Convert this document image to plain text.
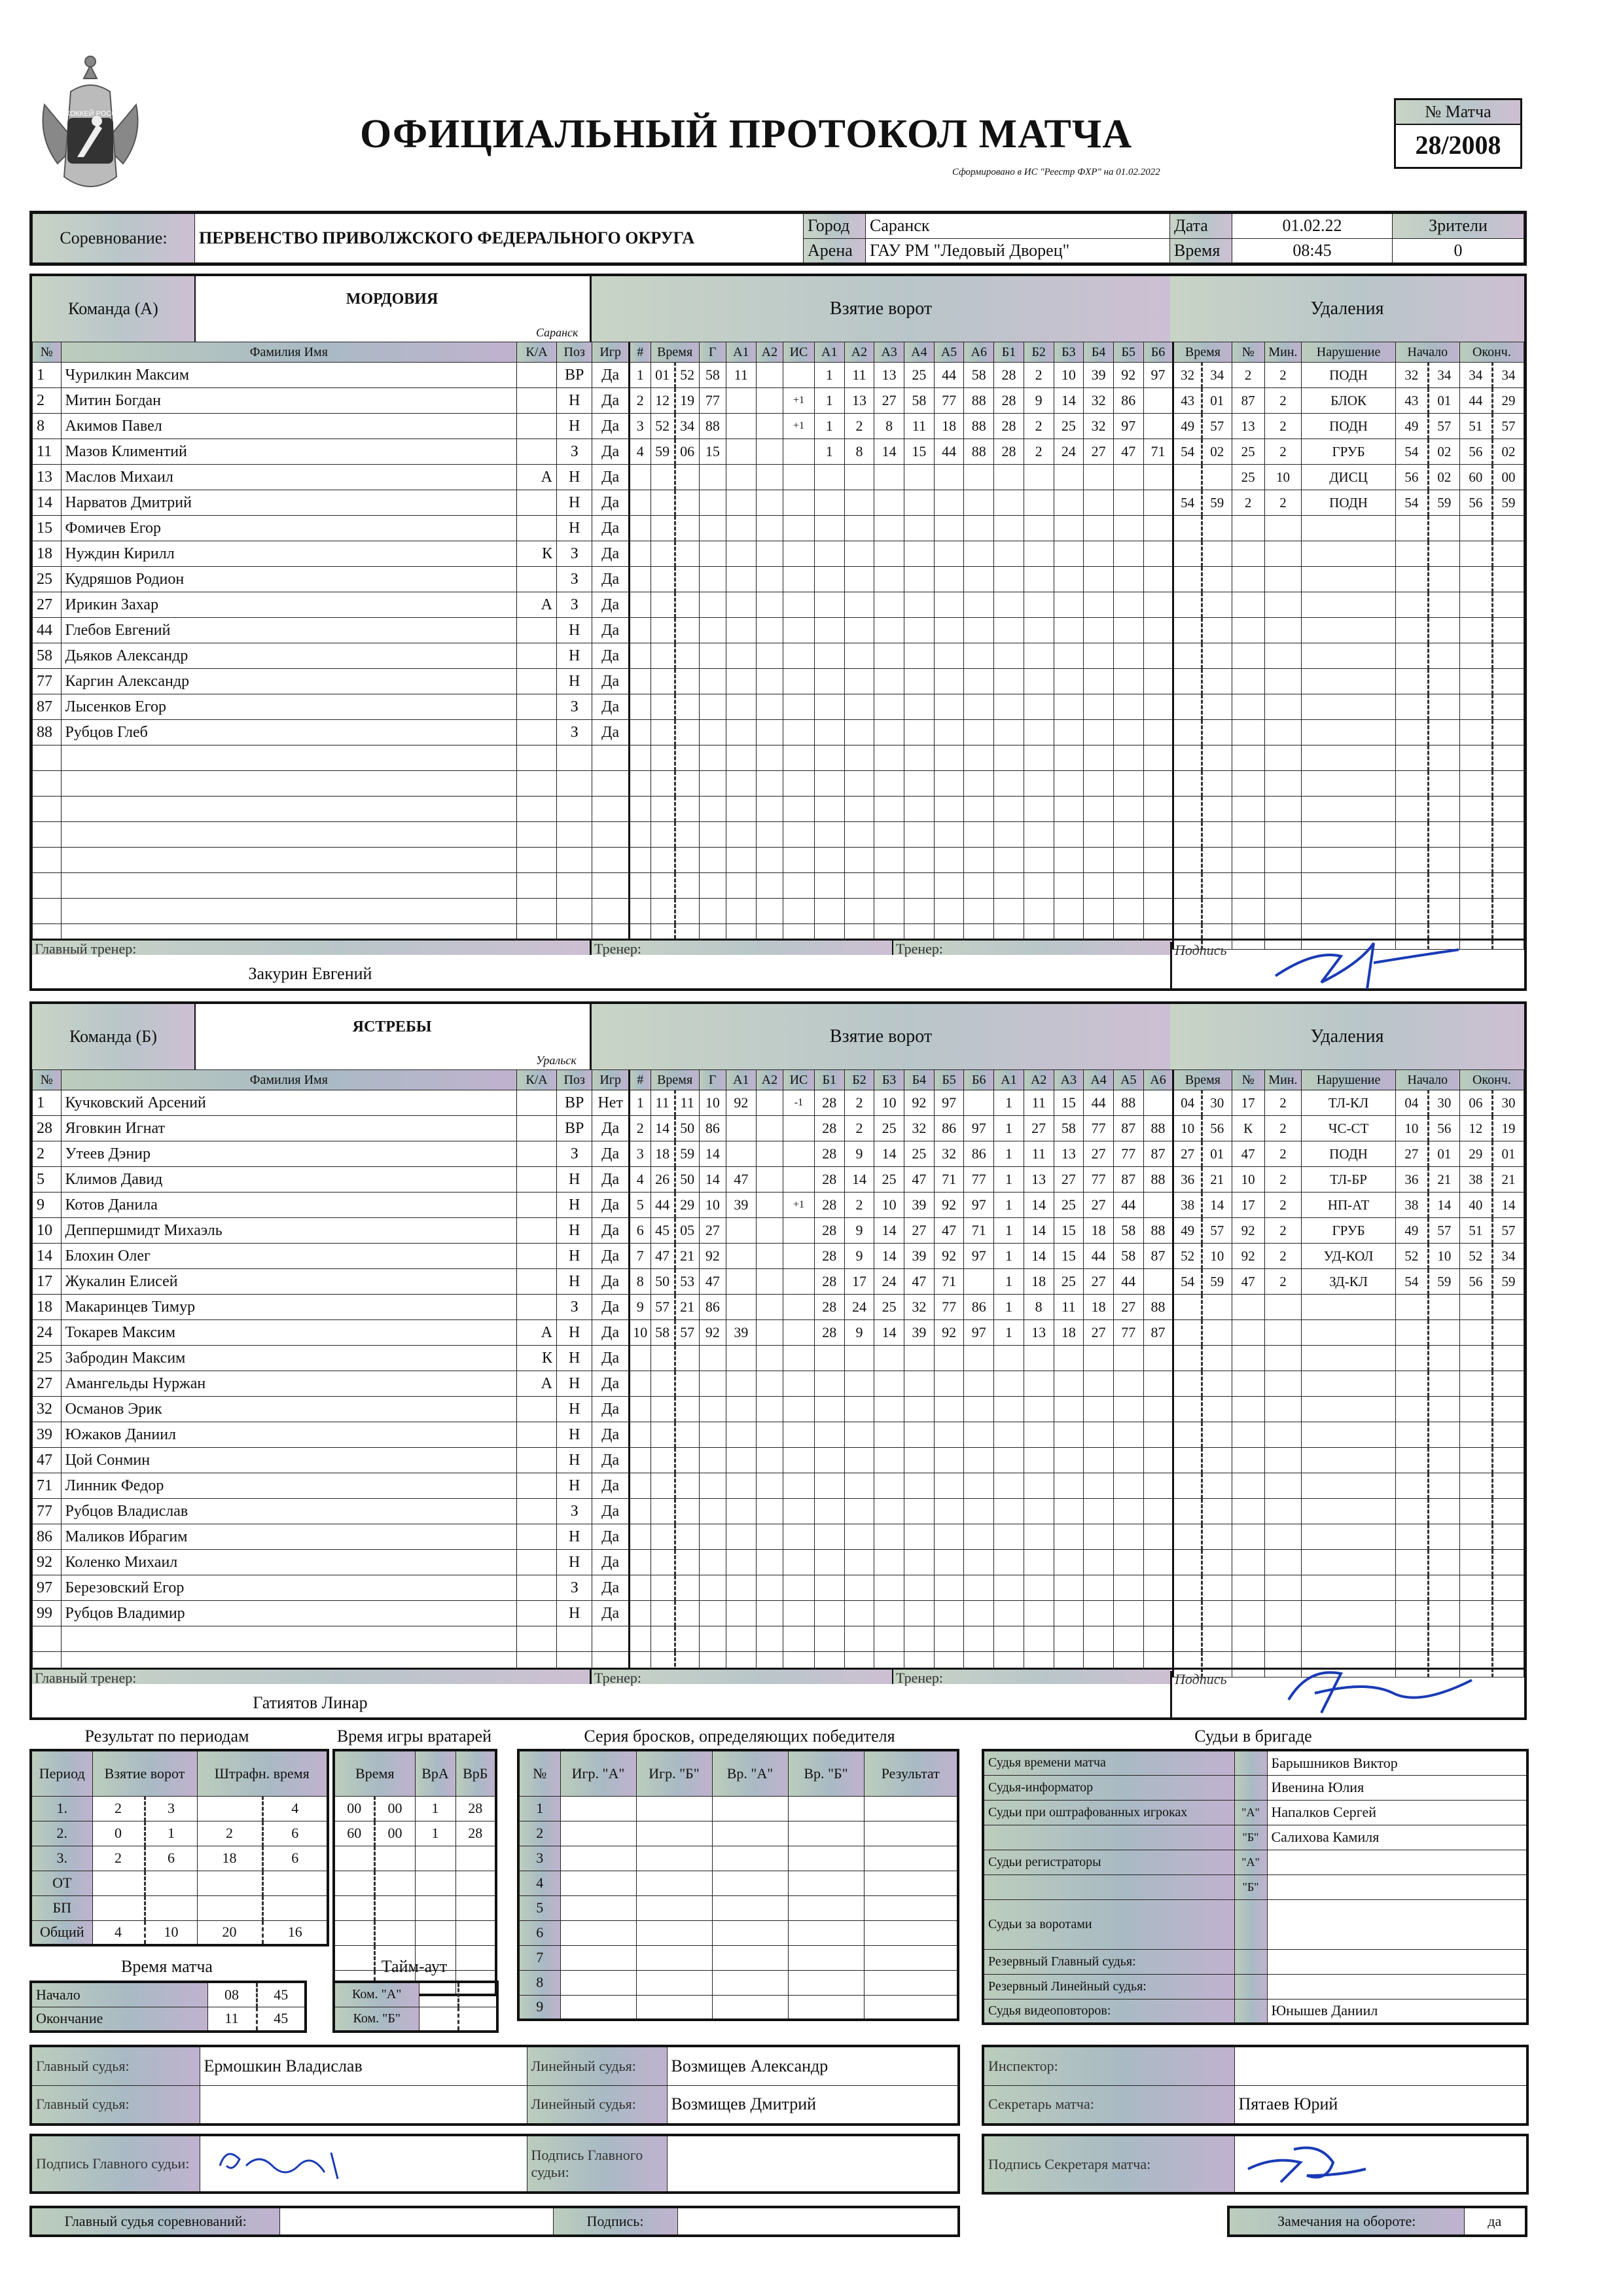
ХОККЕЙ РОССИИ	ОФИЦИАЛЬНЫЙ ПРОТОКОЛ МАТЧА
Сформировано в ИС "Реестр ФХР" на 01.02.2022
№ Матча
28/2008
Соревнование:	ПЕРВЕНСТВО ПРИВОЛЖСКОГО ФЕДЕРАЛЬНОГО ОКРУГА	Город	Саранск	Дата	01.02.22	Зрители
		Арена	ГАУ РМ "Ледовый Дворец"	Время	08:45	0
Команда (А)	МОРДОВИЯ
Саранск
Взятие ворот	Удаления
№	Фамилия Имя	К/А	Поз	Игр	#	Время		Г	А1	А2	ИС	А1	А2	А3	А4	А5	А6	Б1	Б2	Б3	Б4	Б5	Б6	Время		№	Мин.	Нарушение	Начало		Оконч.	
1	Чурилкин Максим		ВР	Да	1	01	52	58	11			1	11	13	25	44	58	28	2	10	39	92	97	32	34	2	2	ПОДН	32	34	34	34
2	Митин Богдан		Н	Да	2	12	19	77			+1	1	13	27	58	77	88	28	9	14	32	86		43	01	87	2	БЛОК	43	01	44	29
8	Акимов Павел		Н	Да	3	52	34	88			+1	1	2	8	11	18	88	28	2	25	32	97		49	57	13	2	ПОДН	49	57	51	57
11	Мазов Климентий		З	Да	4	59	06	15				1	8	14	15	44	88	28	2	24	27	47	71	54	02	25	2	ГРУБ	54	02	56	02
13	Маслов Михаил	А	Н	Да																						25	10	ДИСЦ	56	02	60	00
14	Нарватов Дмитрий		Н	Да																				54	59	2	2	ПОДН	54	59	56	59
15	Фомичев Егор		Н	Да																												
18	Нуждин Кирилл	К	З	Да																												
25	Кудряшов Родион		З	Да																												
27	Ирикин Захар	А	З	Да																												
44	Глебов Евгений		Н	Да																												
58	Дьяков Александр		Н	Да																												
77	Каргин Александр		Н	Да																												
87	Лысенков Егор		З	Да																												
88	Рубцов Глеб		З	Да																												

Главный тренер:
Закурин Евгений
Тренер:	Тренер:	Подпись
Команда (Б)	ЯСТРЕБЫ
Уральск
Взятие ворот	Удаления
№	Фамилия Имя	К/А	Поз	Игр	#	Время		Г	А1	А2	ИС	Б1	Б2	Б3	Б4	Б5	Б6	А1	А2	А3	А4	А5	А6	Время		№	Мин.	Нарушение	Начало		Оконч.	
1	Кучковский Арсений		ВР	Нет	1	11	11	10	92		-1	28	2	10	92	97		1	11	15	44	88		04	30	17	2	ТЛ-КЛ	04	30	06	30
28	Яговкин Игнат		ВР	Да	2	14	50	86				28	2	25	32	86	97	1	27	58	77	87	88	10	56	К	2	ЧС-СТ	10	56	12	19
2	Утеев Дэнир		З	Да	3	18	59	14				28	9	14	25	32	86	1	11	13	27	77	87	27	01	47	2	ПОДН	27	01	29	01
5	Климов Давид		Н	Да	4	26	50	14	47			28	14	25	47	71	77	1	13	27	77	87	88	36	21	10	2	ТЛ-БР	36	21	38	21
9	Котов Данила		Н	Да	5	44	29	10	39		+1	28	2	10	39	92	97	1	14	25	27	44		38	14	17	2	НП-АТ	38	14	40	14
10	Деппершмидт Михаэль		Н	Да	6	45	05	27				28	9	14	27	47	71	1	14	15	18	58	88	49	57	92	2	ГРУБ	49	57	51	57
14	Блохин Олег		Н	Да	7	47	21	92				28	9	14	39	92	97	1	14	15	44	58	87	52	10	92	2	УД-КОЛ	52	10	52	34
17	Жукалин Елисей		Н	Да	8	50	53	47				28	17	24	47	71		1	18	25	27	44		54	59	47	2	ЗД-КЛ	54	59	56	59
18	Макаринцев Тимур		З	Да	9	57	21	86				28	24	25	32	77	86	1	8	11	18	27	88									
24	Токарев Максим	А	Н	Да	10	58	57	92	39			28	9	14	39	92	97	1	13	18	27	77	87									
25	Забродин Максим	К	Н	Да																												
27	Амангельды Нуржан	А	Н	Да																												
32	Османов Эрик		Н	Да																												
39	Южаков Даниил		Н	Да																												
47	Цой Сонмин		Н	Да																												
71	Линник Федор		Н	Да																												
77	Рубцов Владислав		З	Да																												
86	Маликов Ибрагим		Н	Да																												
92	Коленко Михаил		Н	Да																												
97	Березовский Егор		З	Да																												
99	Рубцов Владимир		Н	Да																												

Главный тренер:
Гатиятов Линар
Тренер:	Тренер:	Подпись
Результат по периодам
Период	Взятие ворот		Штрафн. время	
1.	2	3		4
2.	0	1	2	6
3.	2	6	18	6
ОТ				
БП				
Общий	4	10	20	16
Время игры вратарей
Время		ВрА	ВрБ
00	00	1	28
60	00	1	28

Время матча
Начало	08	45
Окончание	11	45
Тайм-аут
Ком. "А"		
Ком. "Б"		
Серия бросков, определяющих победителя
№	Игр. "А"	Игр. "Б"	Вр. "А"	Вр. "Б"	Результат
1					
2					
3					
4					
5					
6					
7					
8					
9					
Судьи в бригаде
Судья времени матча		Барышников Виктор
Судья-информатор		Ивенина Юлия
Судьи при оштрафованных игроках	"А"	Напалков Сергей
	"Б"	Салихова Камиля
Судьи регистраторы	"А"	
	"Б"	
Судьи за воротами		
Резервный Главный судья:		
Резервный Линейный судья:		
Судья видеоповторов:		Юнышев Даниил
Главный судья:	Ермошкин Владислав	Линейный судья:	Возмищев Александр
Главный судья:		Линейный судья:	Возмищев Дмитрий
Инспектор:	
Секретарь матча:	Пятаев Юрий
Подпись Главного судьи:		Подпись Главного судьи:		Подпись Секретаря матча:	
Главный судья соревнований:		Подпись:		Замечания на обороте:	да
